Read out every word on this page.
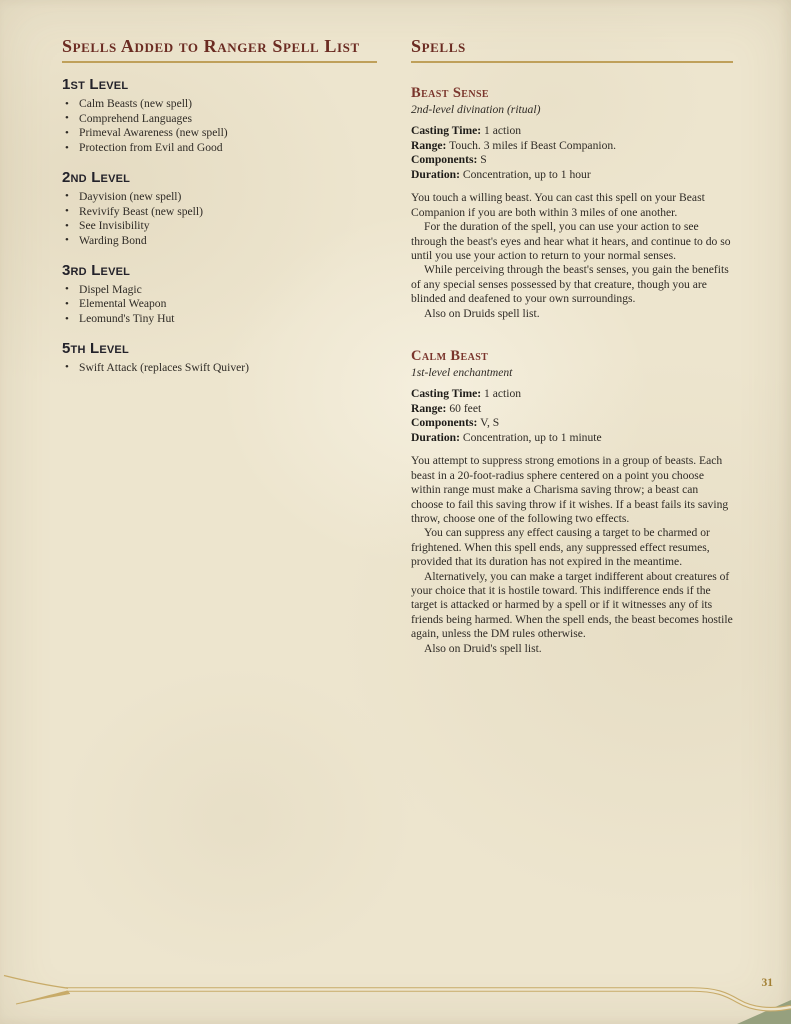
Spells Added to Ranger Spell List
1st Level
• Calm Beasts (new spell)
• Comprehend Languages
• Primeval Awareness (new spell)
• Protection from Evil and Good
2nd Level
• Dayvision (new spell)
• Revivify Beast (new spell)
• See Invisibility
• Warding Bond
3rd Level
• Dispel Magic
• Elemental Weapon
• Leomund's Tiny Hut
5th Level
• Swift Attack (replaces Swift Quiver)
Spells
Beast Sense

2nd-level divination (ritual)

Casting Time: 1 action
Range: Touch. 3 miles if Beast Companion.
Components: S
Duration: Concentration, up to 1 hour

You touch a willing beast. You can cast this spell on your Beast Companion if you are both within 3 miles of one another.

For the duration of the spell, you can use your action to see through the beast's eyes and hear what it hears, and continue to do so until you use your action to return to your normal senses.

While perceiving through the beast's senses, you gain the benefits of any special senses possessed by that creature, though you are blinded and deafened to your own surroundings.

Also on Druids spell list.

Calm Beast

1st-level enchantment

Casting Time: 1 action
Range: 60 feet
Components: V, S
Duration: Concentration, up to 1 minute

You attempt to suppress strong emotions in a group of beasts. Each beast in a 20-foot-radius sphere centered on a point you choose within range must make a Charisma saving throw; a beast can choose to fail this saving throw if it wishes. If a beast fails its saving throw, choose one of the following two effects.

You can suppress any effect causing a target to be charmed or frightened. When this spell ends, any suppressed effect resumes, provided that its duration has not expired in the meantime.

Alternatively, you can make a target indifferent about creatures of your choice that it is hostile toward. This indifference ends if the target is attacked or harmed by a spell or if it witnesses any of its friends being harmed. When the spell ends, the beast becomes hostile again, unless the DM rules otherwise.

Also on Druid's spell list.

31
